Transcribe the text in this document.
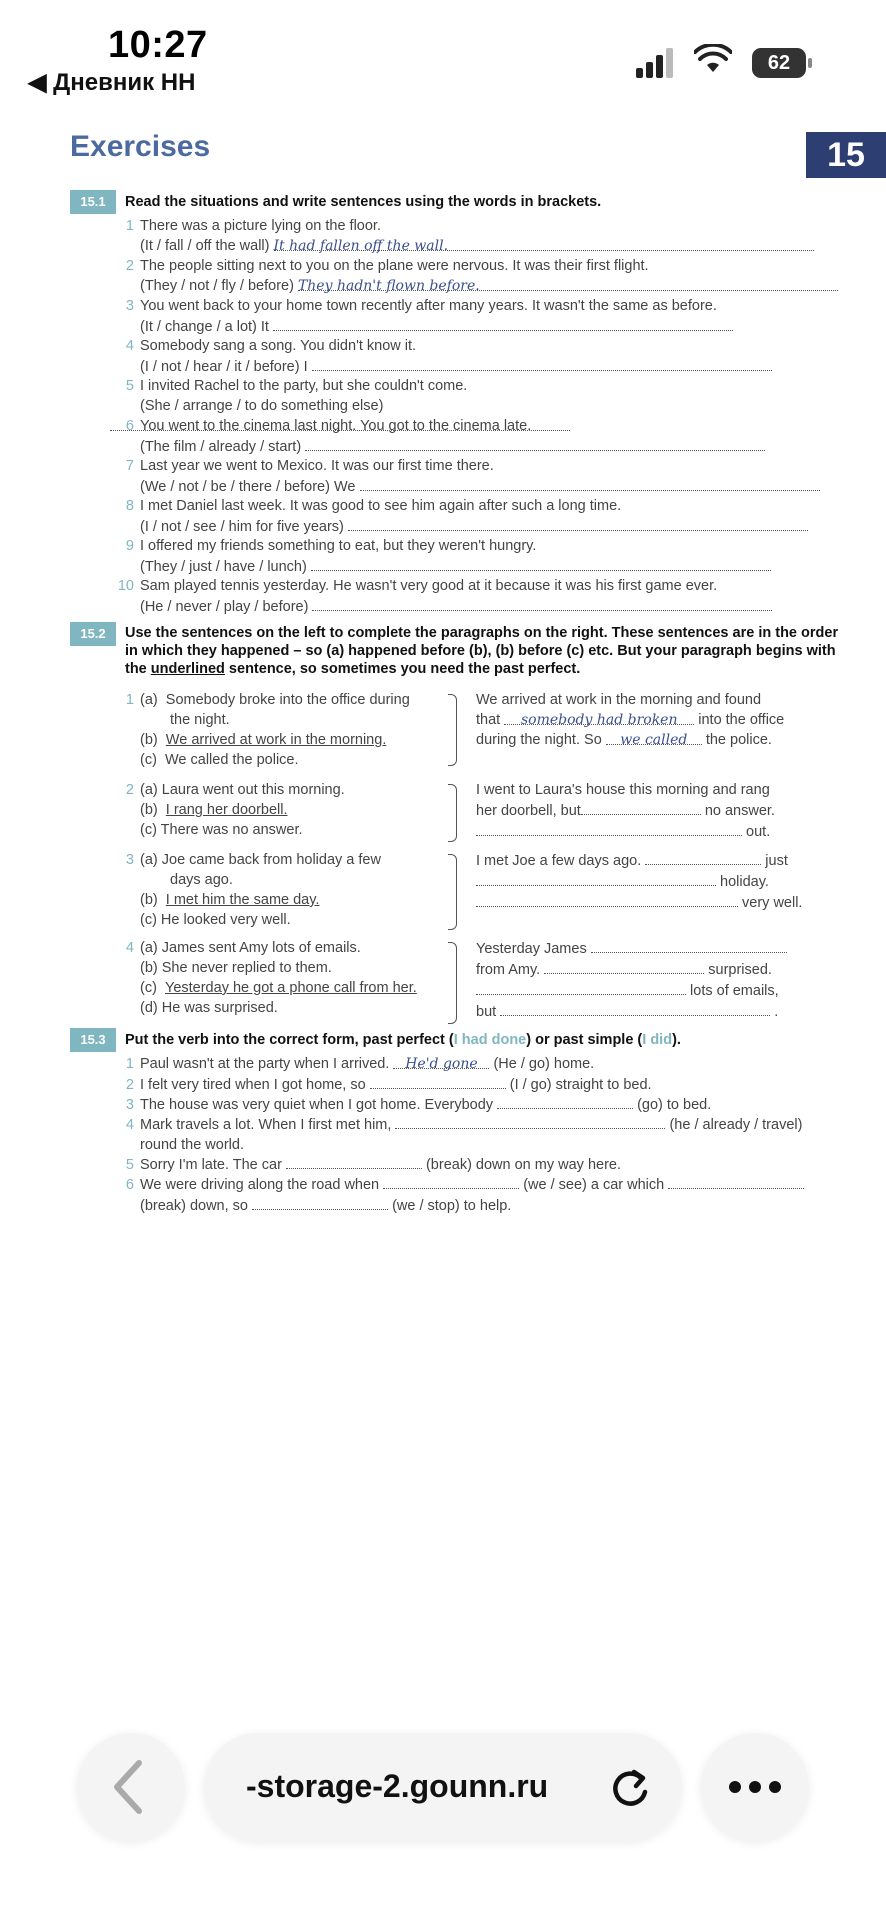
10:27
◀ Дневник НН
62
Exercises	15
15.1	Read the situations and write sentences using the words in brackets.
1 There was a picture lying on the floor.
(It / fall / off the wall) It had fallen off the wall.
2 The people sitting next to you on the plane were nervous. It was their first flight.
(They / not / fly / before) They hadn't flown before.
3 You went back to your home town recently after many years. It wasn't the same as before.
(It / change / a lot) It
4 Somebody sang a song. You didn't know it.
(I / not / hear / it / before) I
5 I invited Rachel to the party, but she couldn't come.
(She / arrange / to do something else)
6 You went to the cinema last night. You got to the cinema late.
(The film / already / start)
7 Last year we went to Mexico. It was our first time there.
(We / not / be / there / before) We
8 I met Daniel last week. It was good to see him again after such a long time.
(I / not / see / him for five years)
9 I offered my friends something to eat, but they weren't hungry.
(They / just / have / lunch)
10 Sam played tennis yesterday. He wasn't very good at it because it was his first game ever.
(He / never / play / before)
15.2	Use the sentences on the left to complete the paragraphs on the right. These sentences are in the order in which they happened – so (a) happened before (b), (b) before (c) etc. But your paragraph begins with the underlined sentence, so sometimes you need the past perfect.
1 (a) Somebody broke into the office during
the night.
(b) We arrived at work in the morning.
(c) We called the police.
We arrived at work in the morning and found
that somebody had broken into the office
during the night. So we called the police.
2 (a) Laura went out this morning.
(b) I rang her doorbell.
(c) There was no answer.
I went to Laura's house this morning and rang
her doorbell, but	no answer.
out.
3 (a) Joe came back from holiday a few
days ago.
(b) I met him the same day.
(c) He looked very well.
I met Joe a few days ago.	just
holiday.
very well.
4 (a) James sent Amy lots of emails.
(b) She never replied to them.
(c) Yesterday he got a phone call from her.
(d) He was surprised.
Yesterday James
from Amy.	surprised.
lots of emails,
but	.
15.3	Put the verb into the correct form, past perfect (I had done) or past simple (I did).
1 Paul wasn't at the party when I arrived. He'd gone (He / go) home.
2 I felt very tired when I got home, so	(I / go) straight to bed.
3 The house was very quiet when I got home. Everybody	(go) to bed.
4 Mark travels a lot. When I first met him,	(he / already / travel)
round the world.
5 Sorry I'm late. The car	(break) down on my way here.
6 We were driving along the road when	(we / see) a car which
(break) down, so	(we / stop) to help.
-storage-2.gounn.ru
